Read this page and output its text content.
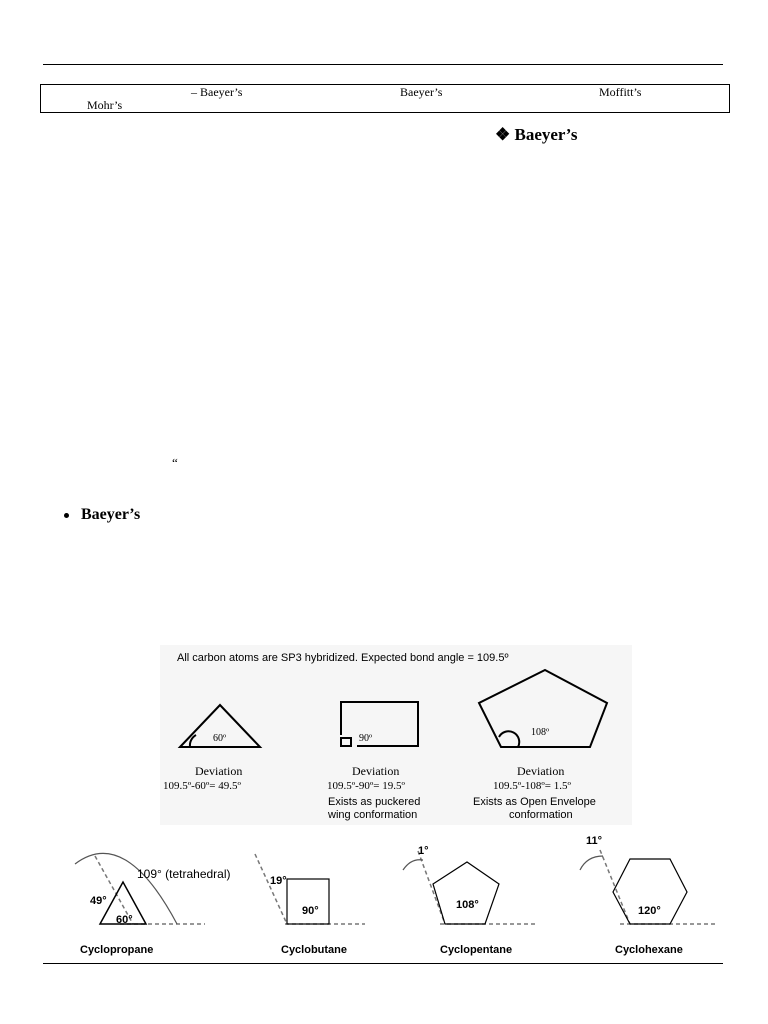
– Baeyer’s	Baeyer’s	Moffitt’s
Mohr’s
❖ Baeyer’s
“
Baeyer’s
All carbon atoms are SP3 hybridized. Expected bond angle = 109.5º
60º
Deviation
109.5º-60º= 49.5º
90º
Deviation
109.5º-90º= 19.5º
Exists as puckered
wing conformation
108º
Deviation
109.5º-108º= 1.5º
Exists as Open Envelope
conformation
109° (tetrahedral)
49°
60°
Cyclopropane
19°
90°
Cyclobutane
1°
108°
Cyclopentane
11°
120°
Cyclohexane
